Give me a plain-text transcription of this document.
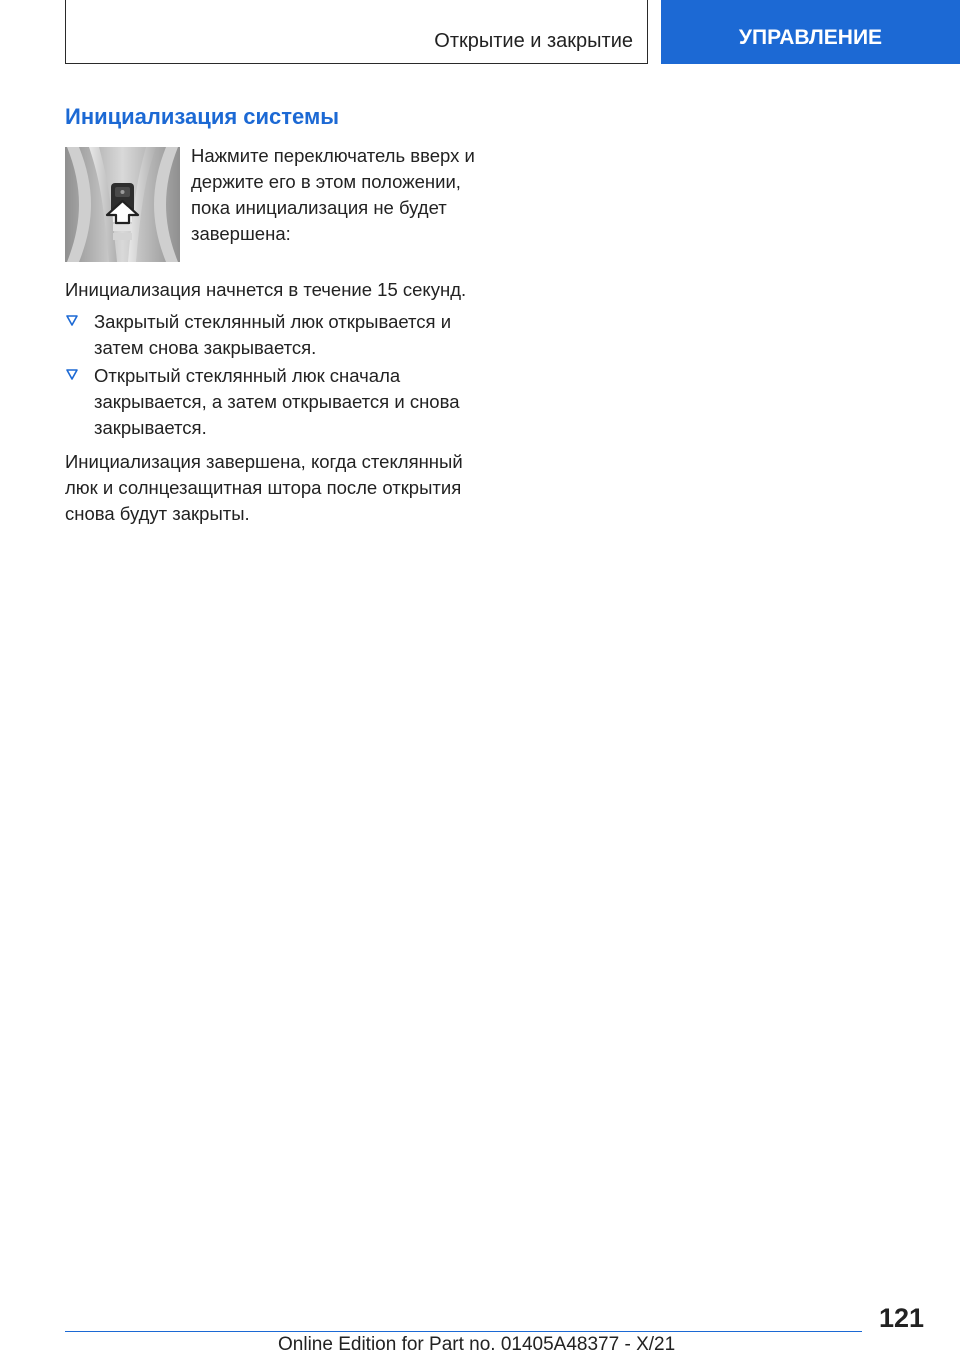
Открытие и закрытие	УПРАВЛЕНИЕ
Инициализация системы
Нажмите переключатель вверх и держите его в этом положении, пока инициализация не будет завершена:
Инициализация начнется в течение 15 секунд.
Закрытый стеклянный люк открывается и затем снова закрывается.
Открытый стеклянный люк сначала закрывается, а затем открывается и снова закрывается.
Инициализация завершена, когда стеклянный люк и солнцезащитная штора после открытия снова будут закрыты.
121
Online Edition for Part no. 01405A48377 - X/21
